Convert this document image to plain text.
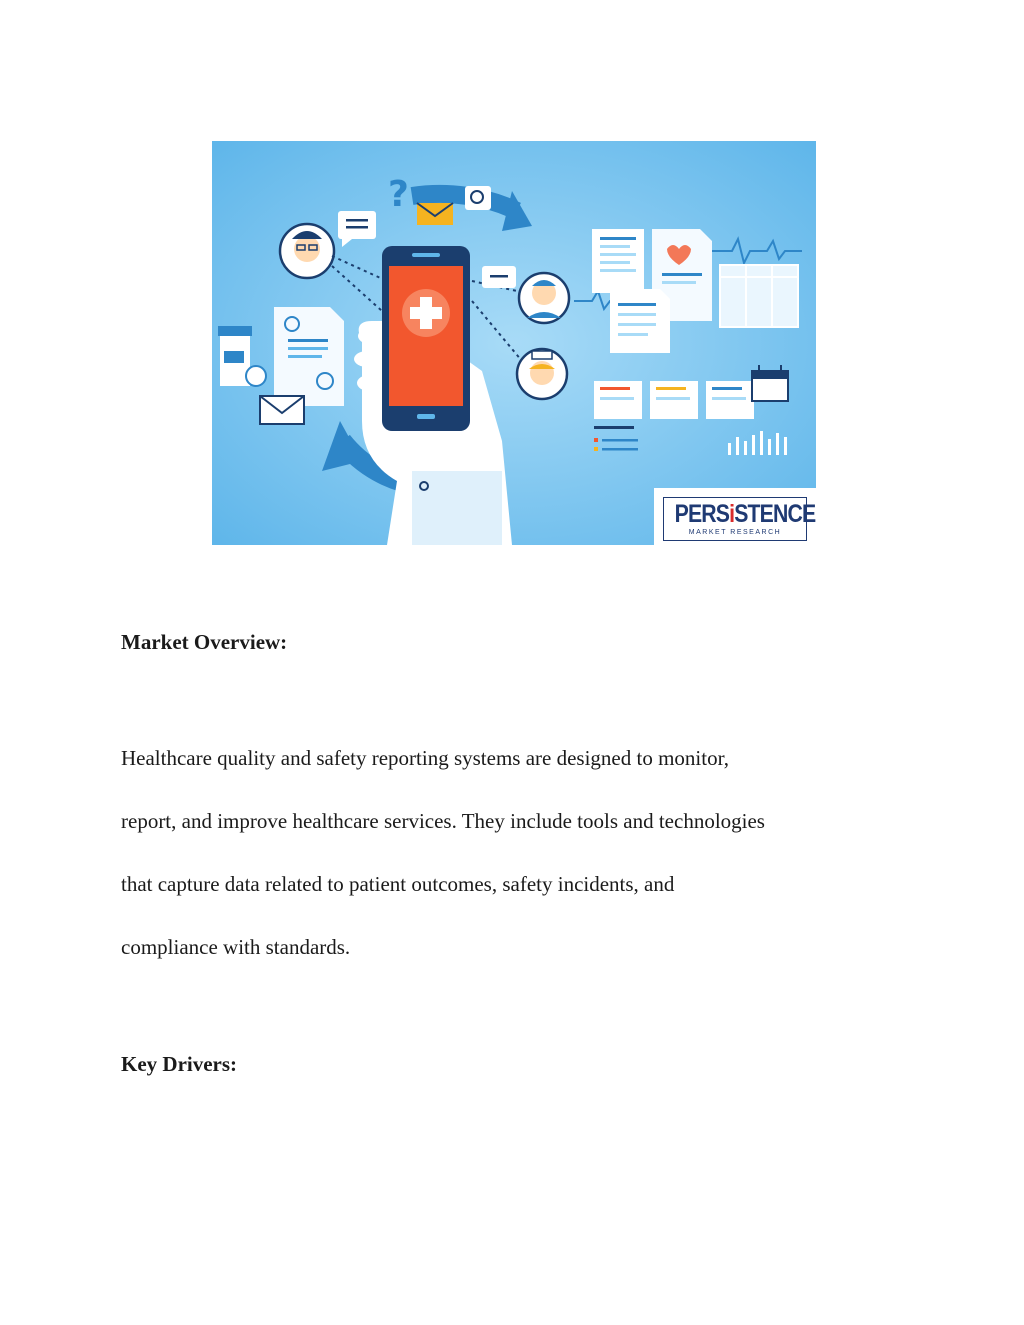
?
PERSiSTENCE
MARKET RESEARCH
Market Overview:

Healthcare quality and safety reporting systems are designed to monitor,

report, and improve healthcare services. They include tools and technologies

that capture data related to patient outcomes, safety incidents, and

compliance with standards.

Key Drivers:
